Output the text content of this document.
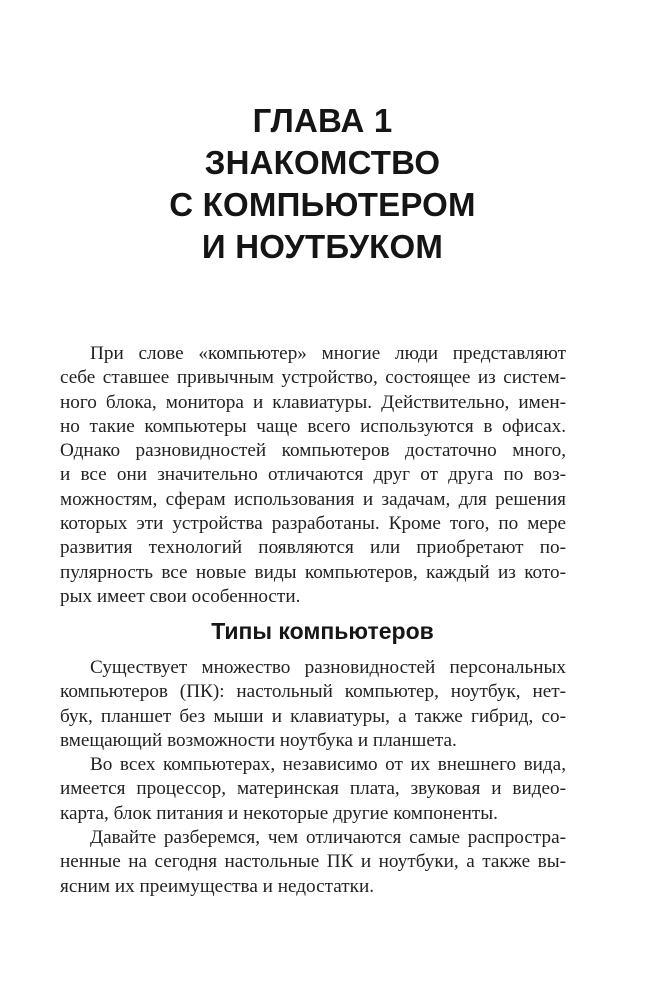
ГЛАВА 1
ЗНАКОМСТВО
С КОМПЬЮТЕРОМ
И НОУТБУКОМ
При слове «компьютер» многие люди представляют
себе ставшее привычным устройство, состоящее из систем-
ного блока, монитора и клавиатуры. Действительно, имен-
но такие компьютеры чаще всего используются в офисах.
Однако разновидностей компьютеров достаточно много,
и все они значительно отличаются друг от друга по воз-
можностям, сферам использования и задачам, для решения
которых эти устройства разработаны. Кроме того, по мере
развития технологий появляются или приобретают по-
пулярность все новые виды компьютеров, каждый из кото-
рых имеет свои особенности.
Типы компьютеров
Существует множество разновидностей персональных
компьютеров (ПК): настольный компьютер, ноутбук, нет-
бук, планшет без мыши и клавиатуры, а также гибрид, со-
вмещающий возможности ноутбука и планшета.
Во всех компьютерах, независимо от их внешнего вида,
имеется процессор, материнская плата, звуковая и видео-
карта, блок питания и некоторые другие компоненты.
Давайте разберемся, чем отличаются самые распростра-
ненные на сегодня настольные ПК и ноутбуки, а также вы-
ясним их преимущества и недостатки.
